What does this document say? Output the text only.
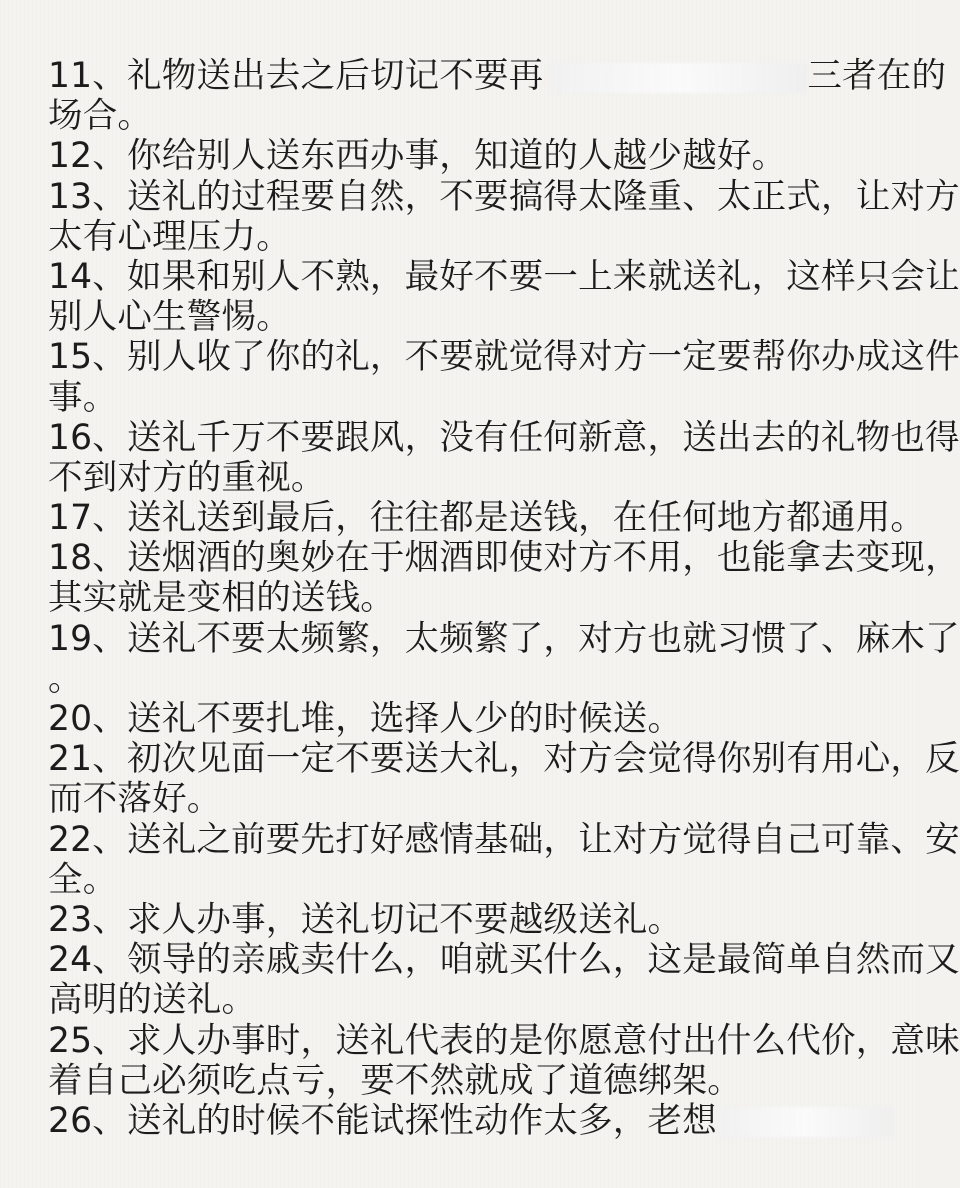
11、礼物送出去之后切记不要再	三者在的
场合。
12、你给别人送东西办事，知道的人越少越好。
13、送礼的过程要自然，不要搞得太隆重、太正式，让对方
太有心理压力。
14、如果和别人不熟，最好不要一上来就送礼，这样只会让
别人心生警惕。
15、别人收了你的礼，不要就觉得对方一定要帮你办成这件
事。
16、送礼千万不要跟风，没有任何新意，送出去的礼物也得
不到对方的重视。
17、送礼送到最后，往往都是送钱，在任何地方都通用。
18、送烟酒的奥妙在于烟酒即使对方不用，也能拿去变现，
其实就是变相的送钱。
19、送礼不要太频繁，太频繁了，对方也就习惯了、麻木了
。
20、送礼不要扎堆，选择人少的时候送。
21、初次见面一定不要送大礼，对方会觉得你别有用心，反
而不落好。
22、送礼之前要先打好感情基础，让对方觉得自己可靠、安
全。
23、求人办事，送礼切记不要越级送礼。
24、领导的亲戚卖什么，咱就买什么，这是最简单自然而又
高明的送礼。
25、求人办事时，送礼代表的是你愿意付出什么代价，意味
着自己必须吃点亏，要不然就成了道德绑架。
26、送礼的时候不能试探性动作太多，老想
